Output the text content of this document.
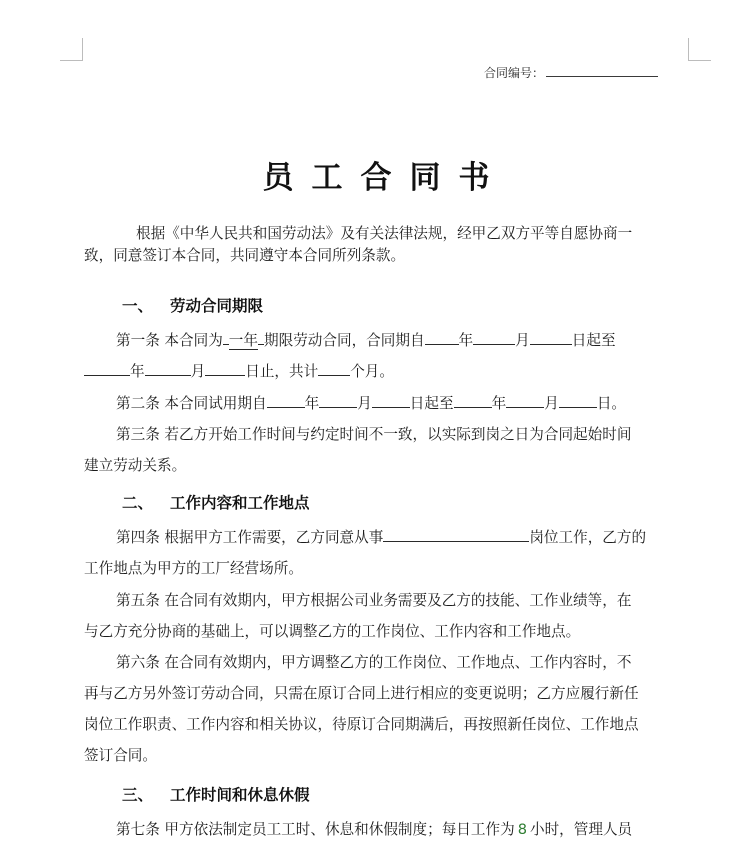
合同编号：
员 工 合 同 书
根据《中华人民共和国劳动法》及有关法律法规，经甲乙双方平等自愿协商一
致，同意签订本合同，共同遵守本合同所列条款。
一、 劳动合同期限
第一条 本合同为 一年 期限劳动合同，合同期自 年	月	日起至
年	月	日止，共计 个月。
第二条 本合同试用期自	年	月	日起至	年	月	日。
第三条 若乙方开始工作时间与约定时间不一致，以实际到岗之日为合同起始时间
建立劳动关系。
二、 工作内容和工作地点
第四条 根据甲方工作需要，乙方同意从事	岗位工作，乙方的
工作地点为甲方的工厂经营场所。
第五条 在合同有效期内，甲方根据公司业务需要及乙方的技能、工作业绩等，在
与乙方充分协商的基础上，可以调整乙方的工作岗位、工作内容和工作地点。
第六条 在合同有效期内，甲方调整乙方的工作岗位、工作地点、工作内容时，不
再与乙方另外签订劳动合同，只需在原订合同上进行相应的变更说明；乙方应履行新任
岗位工作职责、工作内容和相关协议，待原订合同期满后，再按照新任岗位、工作地点
签订合同。
三、 工作时间和休息休假
第七条 甲方依法制定员工工时、休息和休假制度；每日工作为 8 小时，管理人员
